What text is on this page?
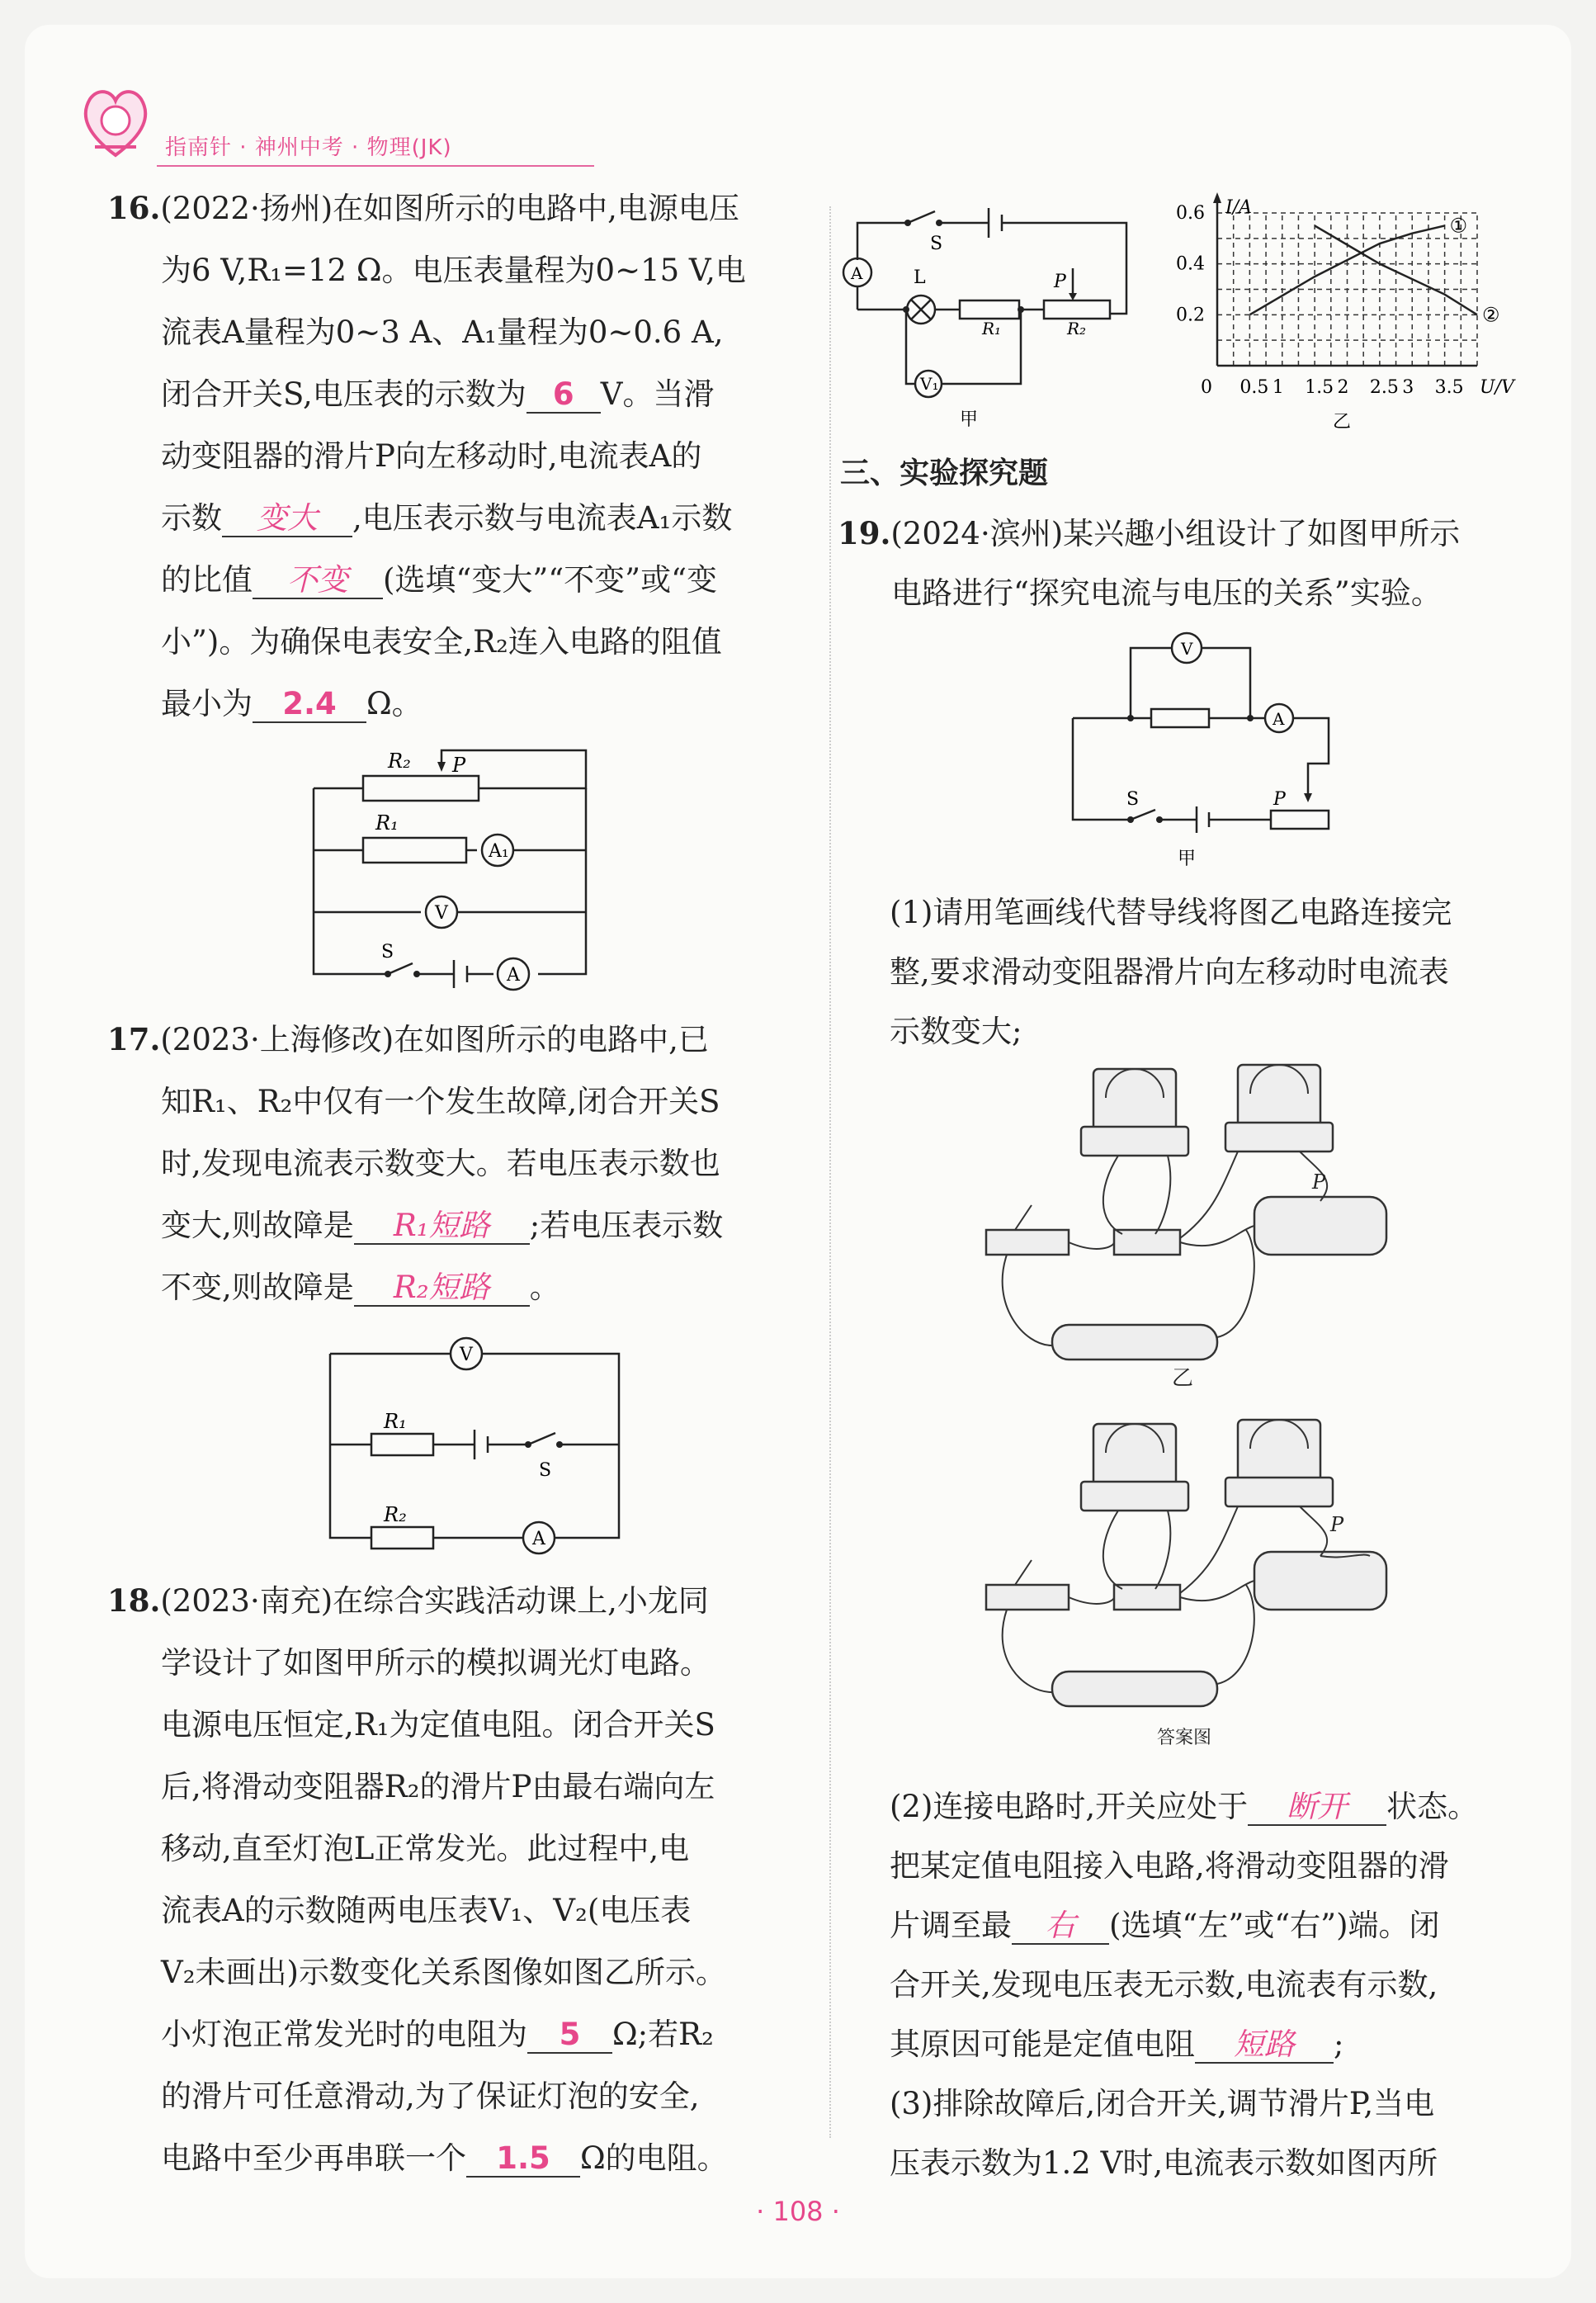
指南针 · 神州中考 · 物理(JK)

16.(2022·扬州)在如图所示的电路中,电源电压

为6 V,R₁=12 Ω。电压表量程为0~15 V,电

流表A量程为0~3 A、A₁量程为0~0.6 A,

闭合开关S,电压表的示数为 6 V。当滑

动变阻器的滑片P向左移动时,电流表A的

示数 变大 ,电压表示数与电流表A₁示数

的比值 不变 (选填“变大”“不变”或“变

小”)。为确保电表安全,R₂连入电路的阻值

最小为 2.4 Ω。

R₂ P
R₁
A₁
V
S
A

17.(2023·上海修改)在如图所示的电路中,已

知R₁、R₂中仅有一个发生故障,闭合开关S

时,发现电流表示数变大。若电压表示数也

变大,则故障是 R₁短路 ;若电压表示数

不变,则故障是 R₂短路 。

V
R₁
S
R₂
A

18.(2023·南充)在综合实践活动课上,小龙同

学设计了如图甲所示的模拟调光灯电路。

电源电压恒定,R₁为定值电阻。闭合开关S

后,将滑动变阻器R₂的滑片P由最右端向左

移动,直至灯泡L正常发光。此过程中,电

流表A的示数随两电压表V₁、V₂(电压表

V₂未画出)示数变化关系图像如图乙所示。

小灯泡正常发光时的电阻为 5 Ω;若R₂

的滑片可任意滑动,为了保证灯泡的安全,

电路中至少再串联一个 1.5 Ω的电阻。

S
A	L	P
R₁	R₂
V₁
甲
I/A
U/V
0.6
0.4
0.2
0 0.5 1 1.5 2 2.5 3 3.5
①
②
乙
三、实验探究题

19.(2024·滨州)某兴趣小组设计了如图甲所示

电路进行“探究电流与电压的关系”实验。

V
A
S	P
甲

(1)请用笔画线代替导线将图乙电路连接完

整,要求滑动变阻器滑片向左移动时电流表

示数变大;

P
乙
P
答案图

(2)连接电路时,开关应处于 断开 状态。

把某定值电阻接入电路,将滑动变阻器的滑

片调至最 右 (选填“左”或“右”)端。闭

合开关,发现电压表无示数,电流表有示数,

其原因可能是定值电阻 短路 ;

(3)排除故障后,闭合开关,调节滑片P,当电

压表示数为1.2 V时,电流表示数如图丙所

· 108 ·
